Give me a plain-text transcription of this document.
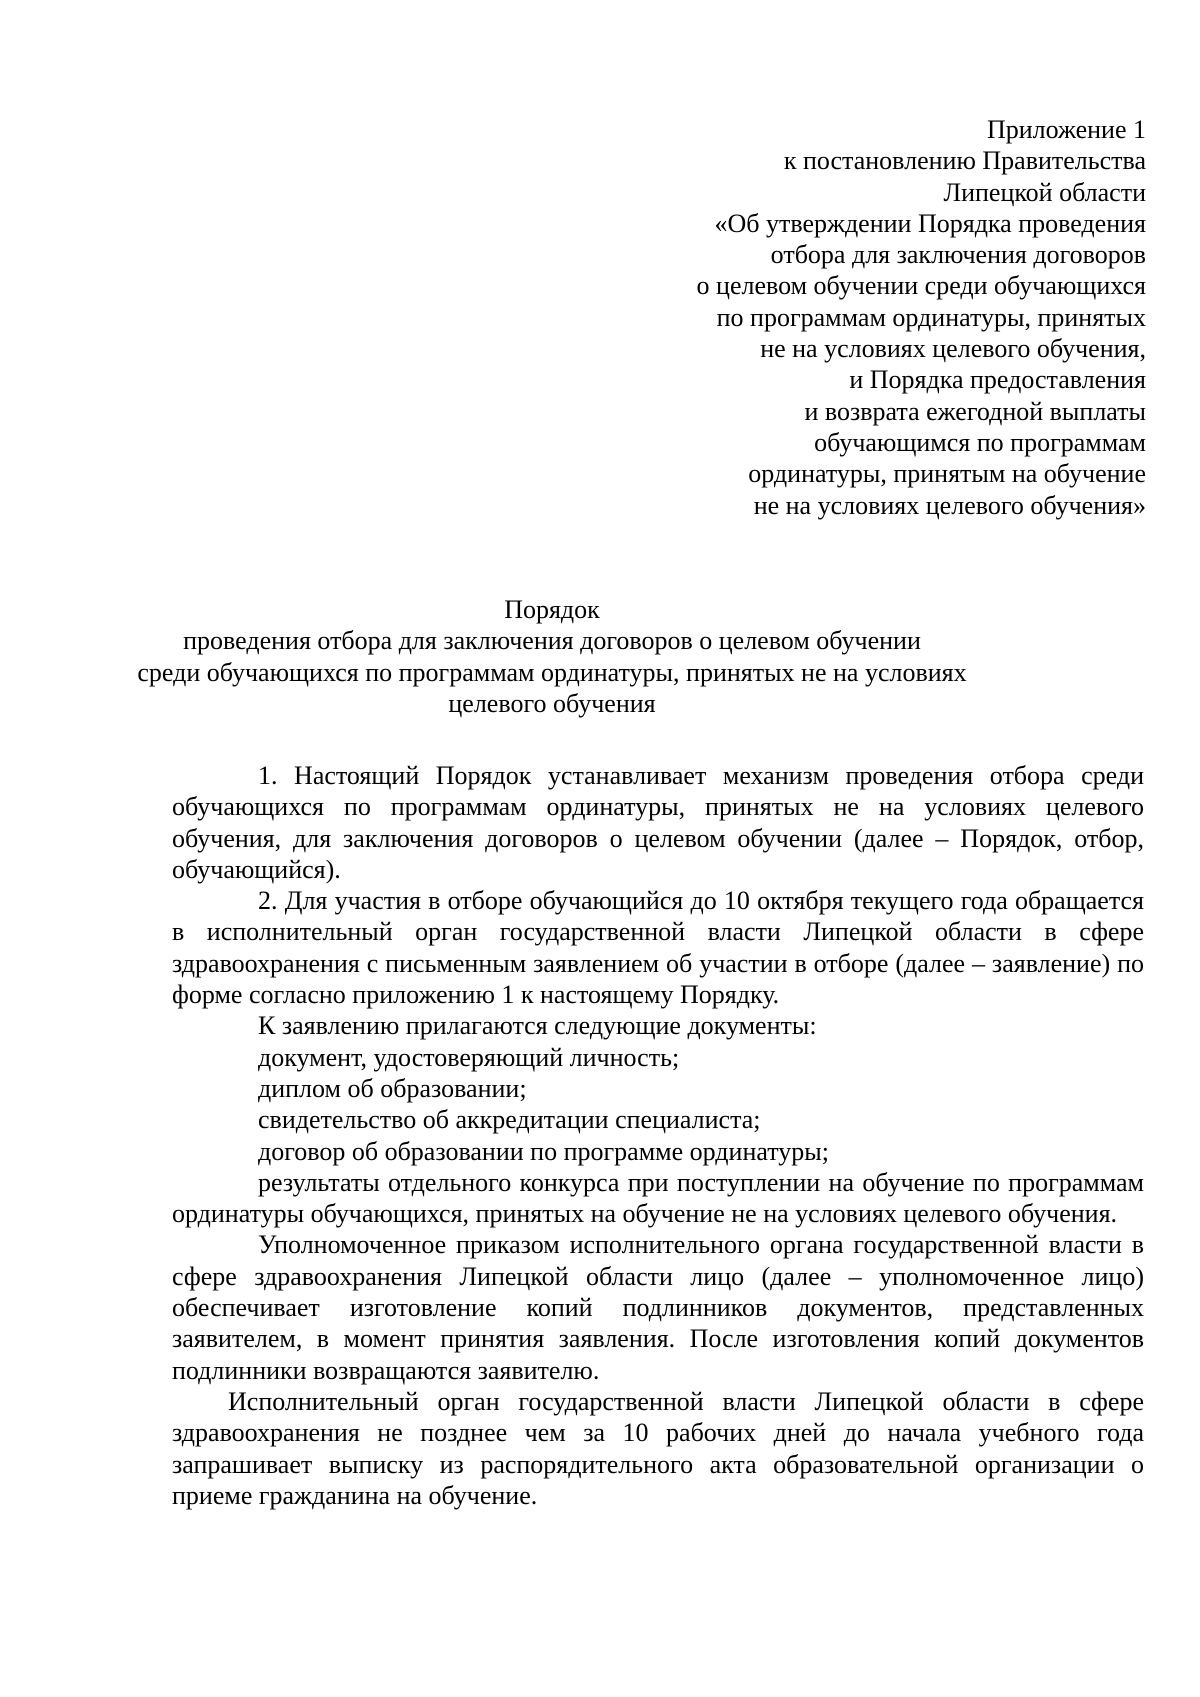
Приложение 1
к постановлению Правительства
Липецкой области
«Об утверждении Порядка проведения
отбора для заключения договоров
о целевом обучении среди обучающихся
по программам ординатуры, принятых
не на условиях целевого обучения,
и Порядка предоставления
и возврата ежегодной выплаты
обучающимся по программам
ординатуры, принятым на обучение
не на условиях целевого обучения»
Порядок
проведения отбора для заключения договоров о целевом обучении
среди обучающихся по программам ординатуры, принятых не на условиях
целевого обучения

1. Настоящий Порядок устанавливает механизм проведения отбора среди обучающихся по программам ординатуры, принятых не на условиях целевого обучения, для заключения договоров о целевом обучении (далее – Порядок, отбор, обучающийся).

2. Для участия в отборе обучающийся до 10 октября текущего года обращается в исполнительный орган государственной власти Липецкой области в сфере здравоохранения с письменным заявлением об участии в отборе (далее – заявление) по форме согласно приложению 1 к настоящему Порядку.

К заявлению прилагаются следующие документы:

документ, удостоверяющий личность;

диплом об образовании;

свидетельство об аккредитации специалиста;

договор об образовании по программе ординатуры;

результаты отдельного конкурса при поступлении на обучение по программам ординатуры обучающихся, принятых на обучение не на условиях целевого обучения.

Уполномоченное приказом исполнительного органа государственной власти в сфере здравоохранения Липецкой области лицо (далее – уполномоченное лицо) обеспечивает изготовление копий подлинников документов, представленных заявителем, в момент принятия заявления. После изготовления копий документов подлинники возвращаются заявителю.

Исполнительный орган государственной власти Липецкой области в сфере здравоохранения не позднее чем за 10 рабочих дней до начала учебного года запрашивает выписку из распорядительного акта образовательной организации о приеме гражданина на обучение.
